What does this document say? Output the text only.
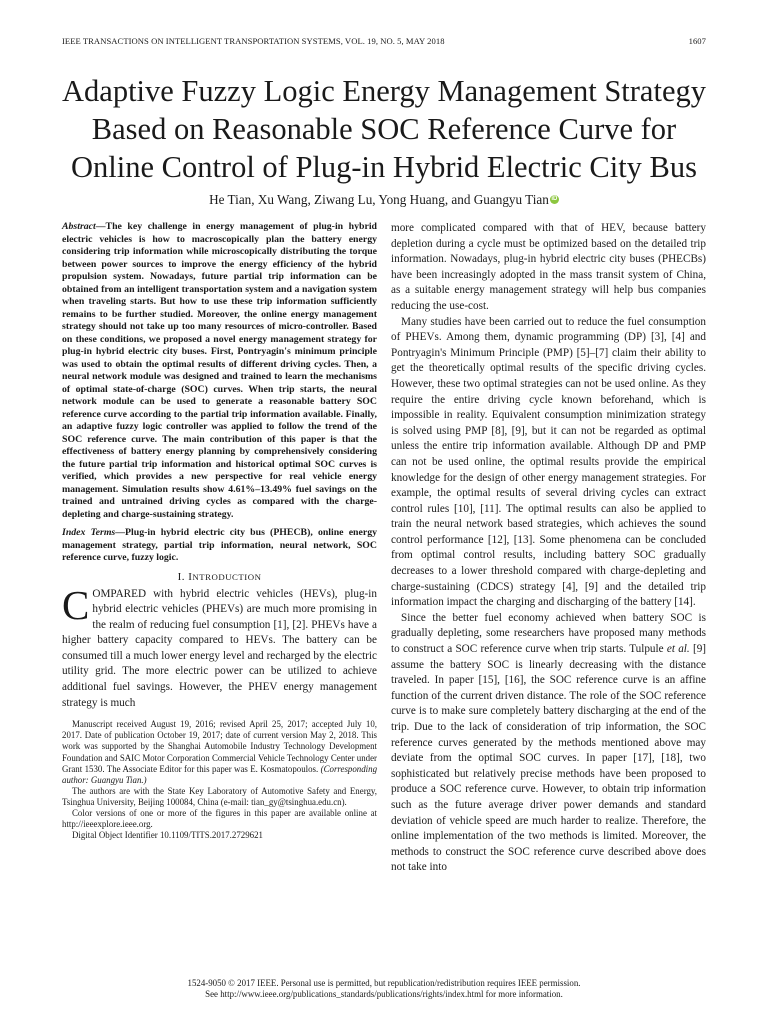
IEEE TRANSACTIONS ON INTELLIGENT TRANSPORTATION SYSTEMS, VOL. 19, NO. 5, MAY 2018	1607
Adaptive Fuzzy Logic Energy Management Strategy
Based on Reasonable SOC Reference Curve for
Online Control of Plug-in Hybrid Electric City Bus
He Tian, Xu Wang, Ziwang Lu, Yong Huang, and Guangyu Tian iD

Abstract—The key challenge in energy management of plug-in hybrid electric vehicles is how to macroscopically plan the battery energy considering trip information while microscopically distributing the torque between power sources to improve the energy efficiency of the hybrid propulsion system. Nowadays, future partial trip information can be obtained from an intelligent transportation system and a navigation system when traveling starts. But how to use these trip information sufficiently remains to be further studied. Moreover, the online energy management strategy should not take up too many resources of micro-controller. Based on these conditions, we proposed a novel energy management strategy for plug-in hybrid electric city buses. First, Pontryagin's minimum principle was used to obtain the optimal results of different driving cycles. Then, a neural network module was designed and trained to learn the mechanisms of optimal state-of-charge (SOC) curves. When trip starts, the neural network module can be used to generate a reasonable battery SOC reference curve according to the partial trip information available. Finally, an adaptive fuzzy logic controller was applied to follow the trend of the SOC reference curve. The main contribution of this paper is that the effectiveness of battery energy planning by comprehensively considering the future partial trip information and historical optimal SOC curves is verified, which provides a new perspective for real vehicle energy management. Simulation results show 4.61%–13.49% fuel savings on the trained and untrained driving cycles as compared with the charge-depleting and charge-sustaining strategy.

Index Terms—Plug-in hybrid electric city bus (PHECB), online energy management strategy, partial trip information, neural network, SOC reference curve, fuzzy logic.

I. INTRODUCTION

COMPARED with hybrid electric vehicles (HEVs), plug-in hybrid electric vehicles (PHEVs) are much more promising in the realm of reducing fuel consumption [1], [2]. PHEVs have a higher battery capacity compared to HEVs. The battery can be consumed till a much lower energy level and recharged by the electric utility grid. The more electric power can be utilized to achieve additional fuel savings. However, the PHEV energy management strategy is much

Manuscript received August 19, 2016; revised April 25, 2017; accepted July 10, 2017. Date of publication October 19, 2017; date of current version May 2, 2018. This work was supported by the Shanghai Automobile Industry Technology Development Foundation and SAIC Motor Corporation Commercial Vehicle Technology Center under Grant 1530. The Associate Editor for this paper was E. Kosmatopoulos. (Corresponding author: Guangyu Tian.)

The authors are with the State Key Laboratory of Automotive Safety and Energy, Tsinghua University, Beijing 100084, China (e-mail: tian_gy@tsinghua.edu.cn).

Color versions of one or more of the figures in this paper are available online at http://ieeexplore.ieee.org.

Digital Object Identifier 10.1109/TITS.2017.2729621

more complicated compared with that of HEV, because battery depletion during a cycle must be optimized based on the detailed trip information. Nowadays, plug-in hybrid electric city buses (PHECBs) have been increasingly adopted in the mass transit system of China, as a suitable energy management strategy will help bus companies reducing the use-cost.

Many studies have been carried out to reduce the fuel consumption of PHEVs. Among them, dynamic programming (DP) [3], [4] and Pontryagin's Minimum Principle (PMP) [5]–[7] claim their ability to get the theoretically optimal results of the specific driving cycles. However, these two optimal strategies can not be used online. As they require the entire driving cycle known beforehand, which is impossible in reality. Equivalent consumption minimization strategy is solved using PMP [8], [9], but it can not be regarded as optimal unless the entire trip information available. Although DP and PMP can not be used online, the optimal results provide the empirical knowledge for the design of other energy management strategies. For example, the optimal results of several driving cycles can extract control rules [10], [11]. The optimal results can also be applied to train the neural network based strategies, which achieves the sound control performance [12], [13]. Some phenomena can be concluded from optimal control results, including battery SOC gradually decreases to a lower threshold compared with charge-depleting and charge-sustaining (CDCS) strategy [4], [9] and the detailed trip information impact the charging and discharging of the battery [14].

Since the better fuel economy achieved when battery SOC is gradually depleting, some researchers have proposed many methods to construct a SOC reference curve when trip starts. Tulpule et al. [9] assume the battery SOC is linearly decreasing with the distance traveled. In paper [15], [16], the SOC reference curve is an affine function of the current driven distance. The role of the SOC reference curve is to make sure completely battery discharging at the end of the trip. Due to the lack of consideration of trip information, the SOC reference curves generated by the methods mentioned above may deviate from the optimal SOC curves. In paper [17], [18], two sophisticated but relatively precise methods have been proposed to produce a SOC reference curve. However, to obtain trip information such as the future average driver power demands and standard deviation of vehicle speed are much harder to realize. Therefore, the online implementation of the two methods is limited. Moreover, the methods to construct the SOC reference curve described above does not take into

1524-9050 © 2017 IEEE. Personal use is permitted, but republication/redistribution requires IEEE permission.
See http://www.ieee.org/publications_standards/publications/rights/index.html for more information.
